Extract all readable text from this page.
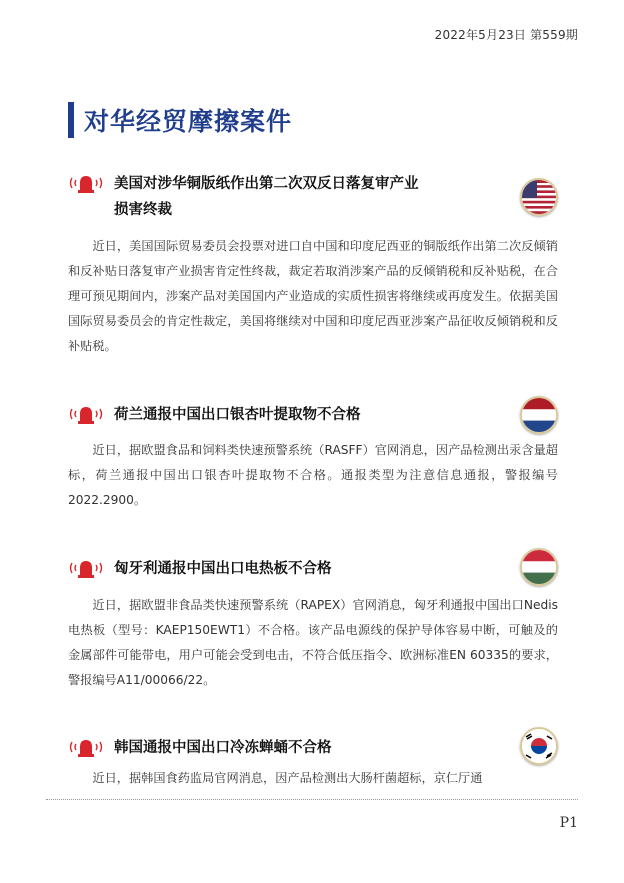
2022年5月23日 第559期
对华经贸摩擦案件
美国对涉华铜版纸作出第二次双反日落复审产业
损害终裁

近日，美国国际贸易委员会投票对进口自中国和印度尼西亚的铜版纸作出第二次反倾销和反补贴日落复审产业损害肯定性终裁，裁定若取消涉案产品的反倾销税和反补贴税，在合理可预见期间内，涉案产品对美国国内产业造成的实质性损害将继续或再度发生。依据美国国际贸易委员会的肯定性裁定，美国将继续对中国和印度尼西亚涉案产品征收反倾销税和反补贴税。

荷兰通报中国出口银杏叶提取物不合格

近日，据欧盟食品和饲料类快速预警系统（RASFF）官网消息，因产品检测出汞含量超标，荷兰通报中国出口银杏叶提取物不合格。通报类型为注意信息通报，警报编号2022.2900。

匈牙利通报中国出口电热板不合格

近日，据欧盟非食品类快速预警系统（RAPEX）官网消息，匈牙利通报中国出口Nedis电热板（型号：KAEP150EWT1）不合格。该产品电源线的保护导体容易中断，可触及的金属部件可能带电，用户可能会受到电击，不符合低压指令、欧洲标准EN 60335的要求，警报编号A11/00066/22。

韩国通报中国出口冷冻蝉蛹不合格

近日，据韩国食药监局官网消息，因产品检测出大肠杆菌超标，京仁厅通

P1
